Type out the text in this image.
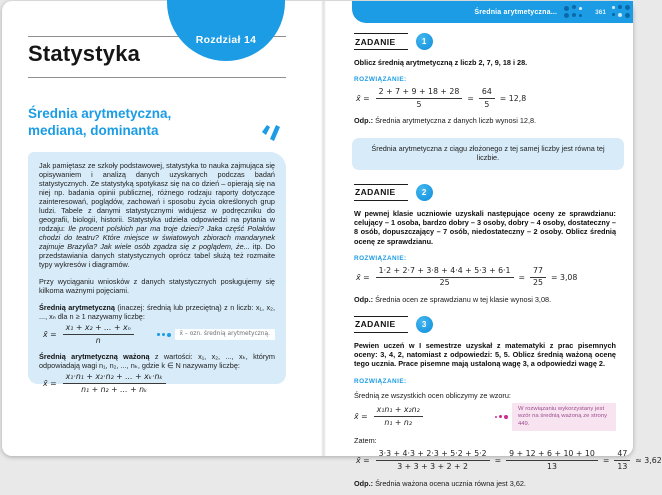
Rozdział 14
Statystyka
Średnia arytmetyczna,
mediana, dominanta

Jak pamiętasz ze szkoły podstawowej, statystyka to nauka zajmująca się opisywaniem i analizą danych uzyskanych podczas badań statystycznych. Ze statystyką spotykasz się na co dzień – opierają się na niej np. badania opinii publicznej, różnego rodzaju raporty dotyczące zainteresowań, poglądów, zachowań i sposobu życia określonych grup ludzi. Tabele z danymi statystycznymi widujesz w podręczniku do geografii, biologii, historii. Statystyka udziela odpowiedzi na pytania w rodzaju: Ile procent polskich par ma troje dzieci? Jaka część Polaków chodzi do teatru? Które miejsce w światowych zbiorach mandarynek zajmuje Brazylia? Jak wiele osób zgadza się z poglądem, że... itp. Do przedstawiania danych statystycznych oprócz tabel służą też rozmaite typy wykresów i diagramów.

Przy wyciąganiu wniosków z danych statystycznych posługujemy się kilkoma ważnymi pojęciami.

Średnią arytmetyczną (inaczej: średnią lub przeciętną) z n liczb: x₁, x₂, ..., xₙ dla n ≥ 1 nazywamy liczbę:

x̄ = $\frac{\text{x₁ + x₂ + ... + xₙ}}{n}$	x̄ – ozn. średnią arytmetyczną.

Średnią arytmetyczną ważoną z wartości: x₁, x₂, ..., xₖ, którym odpowiadają wagi n₁, n₂, ..., nₖ, gdzie k ∈ N nazywamy liczbę:

x̄ = $\frac{\text{x₁·n₁ + x₂·n₂ + ... + xₖ·nₖ}}{\text{n₁ + n₂ + ... + nₖ}}$
Średnia arytmetyczna...	361
ZADANIE	1

Oblicz średnią arytmetyczną z liczb 2, 7, 9, 18 i 28.

ROZWIĄZANIE:
x̄ = $\frac{2 + 7 + 9 + 18 + 28}{5} = \frac{64}{5} = 12,8$

Odp.: Średnia arytmetyczna z danych liczb wynosi 12,8.

Średnia arytmetyczna z ciągu złożonego z tej samej liczby jest równa tej liczbie.
ZADANIE	2

W pewnej klasie uczniowie uzyskali następujące oceny ze sprawdzianu: celujący – 1 osoba, bardzo dobry – 3 osoby, dobry – 4 osoby, dostateczny – 8 osób, dopuszczający – 7 osób, niedostateczny – 2 osoby. Oblicz średnią ocenę ze sprawdzianu.

ROZWIĄZANIE:
x̄ = $\frac{1\cdot 2 + 2\cdot 7 + 3\cdot 8 + 4\cdot 4 + 5\cdot 3 + 6\cdot 1}{25} = \frac{77}{25} = 3,08$

Odp.: Średnia ocen ze sprawdzianu w tej klasie wynosi 3,08.

ZADANIE	3

Pewien uczeń w I semestrze uzyskał z matematyki z prac pisemnych oceny: 3, 4, 2, natomiast z odpowiedzi: 5, 5. Oblicz średnią ważoną ocenę tego ucznia. Prace pisemne mają ustaloną wagę 3, a odpowiedzi wagę 2.

ROZWIĄZANIE:
Średnią ze wszystkich ocen obliczymy ze wzoru:
x̄ = $\frac{\text{x₁n₁ + x₂n₂}}{\text{n₁ + n₂}}$	W rozwiązaniu wykorzystany jest wzór na średnią ważoną ze strony 449.
Zatem:
x̄ = $\frac{3\cdot 3 + 4\cdot 3 + 2\cdot 3 + 5\cdot 2 + 5\cdot 2}{3 + 3 + 3 + 2 + 2} = \frac{9 + 12 + 6 + 10 + 10}{13} = \frac{47}{13} \approx 3,62$

Odp.: Średnia ważona ocena ucznia równa jest 3,62.
